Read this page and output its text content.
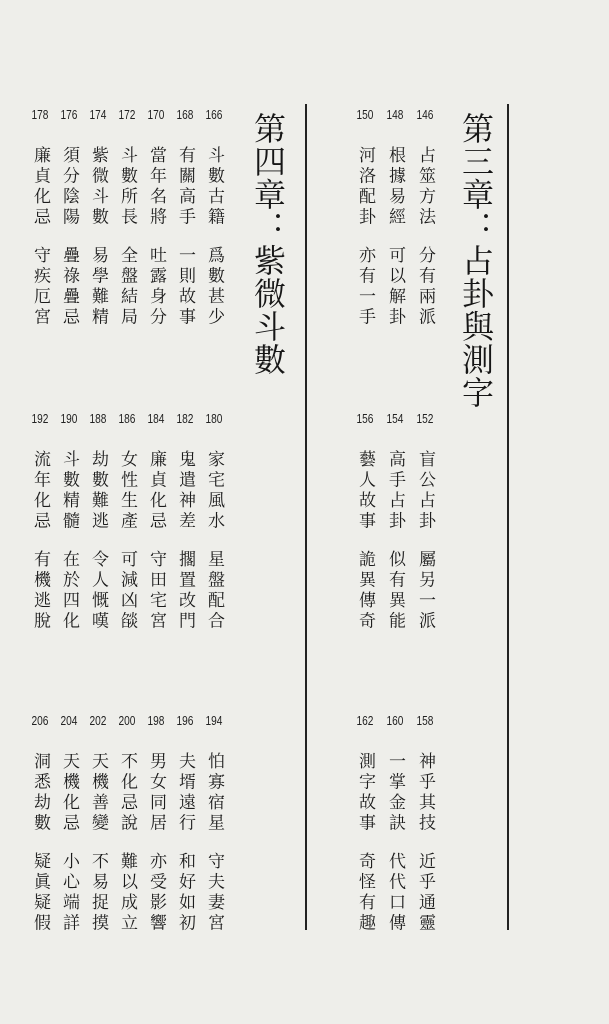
第三章：占卦與測字
第四章：紫微斗數	146
占筮方法
分有兩派
148
根據易經
可以解卦
150
河洛配卦
亦有一手
152
盲公占卦
屬另一派
154
高手占卦
似有異能
156
藝人故事
詭異傳奇
158
神乎其技
近乎通靈
160
一掌金訣
代代口傳
162
測字故事
奇怪有趣
166
斗數古籍
爲數甚少
168
有關高手
一則故事
170
當年名將
吐露身分
172
斗數所長
全盤結局
174
紫微斗數
易學難精
176
須分陰陽
疊祿疊忌
178
廉貞化忌
守疾厄宮
180
家宅風水
星盤配合
182
鬼遣神差
擱置改門
184
廉貞化忌
守田宅宮
186
女性生產
可減凶燄
188
劫數難逃
令人慨嘆
190
斗數精髓
在於四化
192
流年化忌
有機逃脫
194
怕寡宿星
守夫妻宮
196
夫壻遠行
和好如初
198
男女同居
亦受影響
200
不化忌說
難以成立
202
天機善變
不易捉摸
204
天機化忌
小心端詳
206
洞悉劫數
疑眞疑假
